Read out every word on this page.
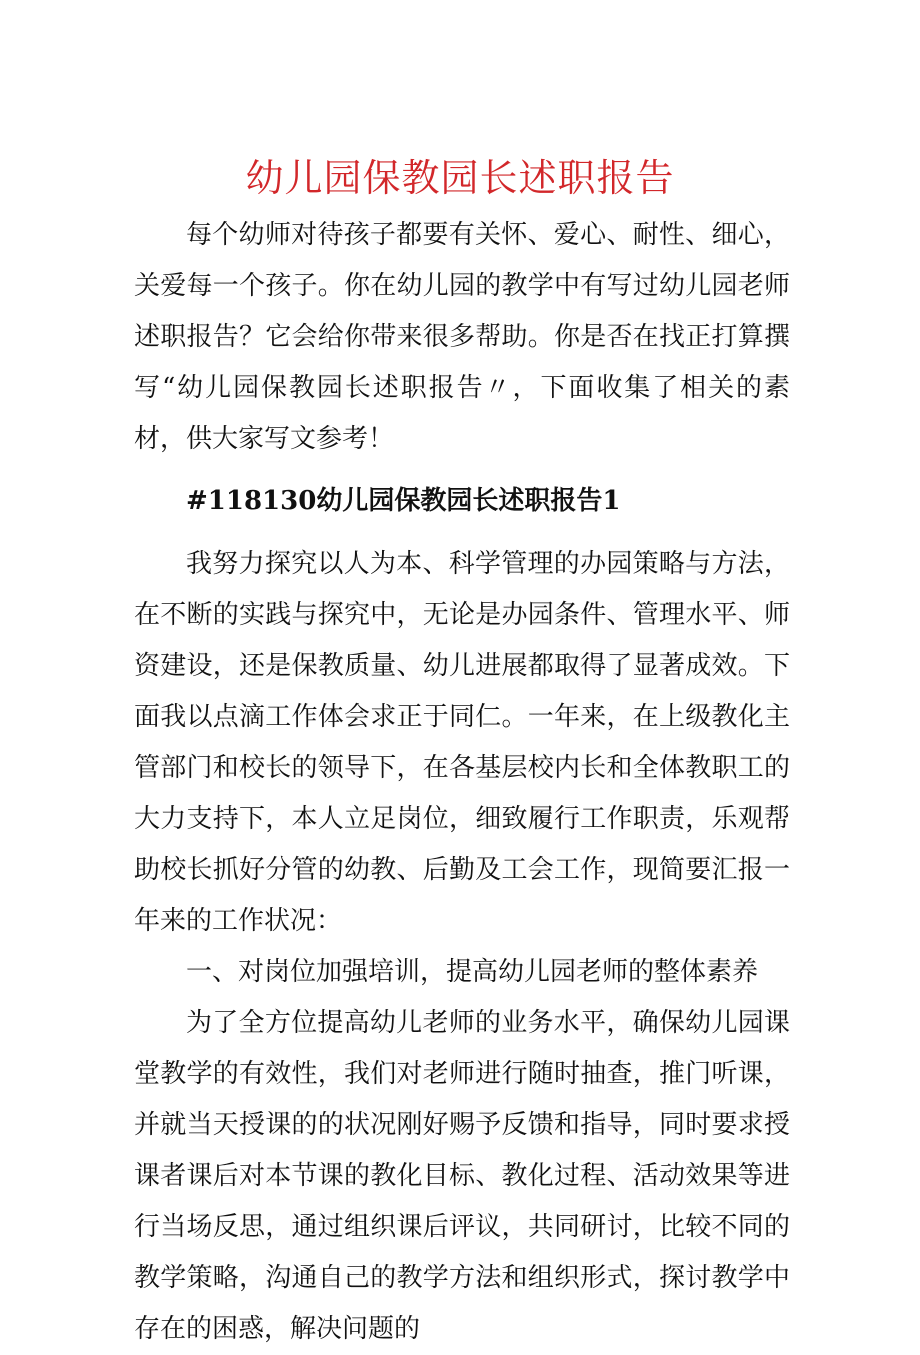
幼儿园保教园长述职报告

每个幼师对待孩子都要有关怀、爱心、耐性、细心，关爱每一个孩子。你在幼儿园的教学中有写过幼儿园老师述职报告？它会给你带来很多帮助。你是否在找正打算撰写“幼儿园保教园长述职报告〃，下面收集了相关的素材，供大家写文参考！

#118130幼儿园保教园长述职报告1

我努力探究以人为本、科学管理的办园策略与方法，在不断的实践与探究中，无论是办园条件、管理水平、师资建设，还是保教质量、幼儿进展都取得了显著成效。下面我以点滴工作体会求正于同仁。一年来，在上级教化主管部门和校长的领导下，在各基层校内长和全体教职工的大力支持下，本人立足岗位，细致履行工作职责，乐观帮助校长抓好分管的幼教、后勤及工会工作，现简要汇报一年来的工作状况：

一、对岗位加强培训，提高幼儿园老师的整体素养

为了全方位提高幼儿老师的业务水平，确保幼儿园课堂教学的有效性，我们对老师进行随时抽查，推门听课，并就当天授课的的状况刚好赐予反馈和指导，同时要求授课者课后对本节课的教化目标、教化过程、活动效果等进行当场反思，通过组织课后评议，共同研讨，比较不同的教学策略，沟通自己的教学方法和组织形式，探讨教学中存在的困惑，解决问题的
